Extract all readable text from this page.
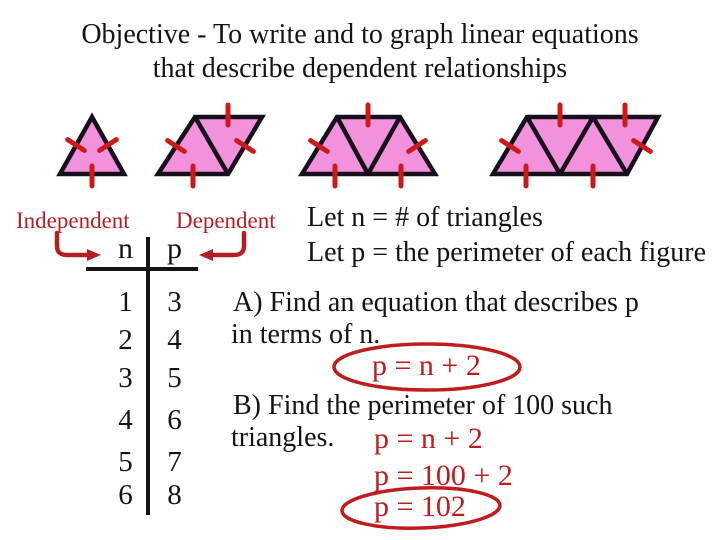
Objective - To write and to graph linear equations
that describe dependent relationships
Independent Dependent
n	p
1	3
2	4
3	5
4	6
5	7
6	8
Let n = # of triangles
Let p = the perimeter of each figure
A) Find an equation that describes p
in terms of n.
p = n + 2
B) Find the perimeter of 100 such
triangles. p = n + 2
p = 100 + 2
p = 102
